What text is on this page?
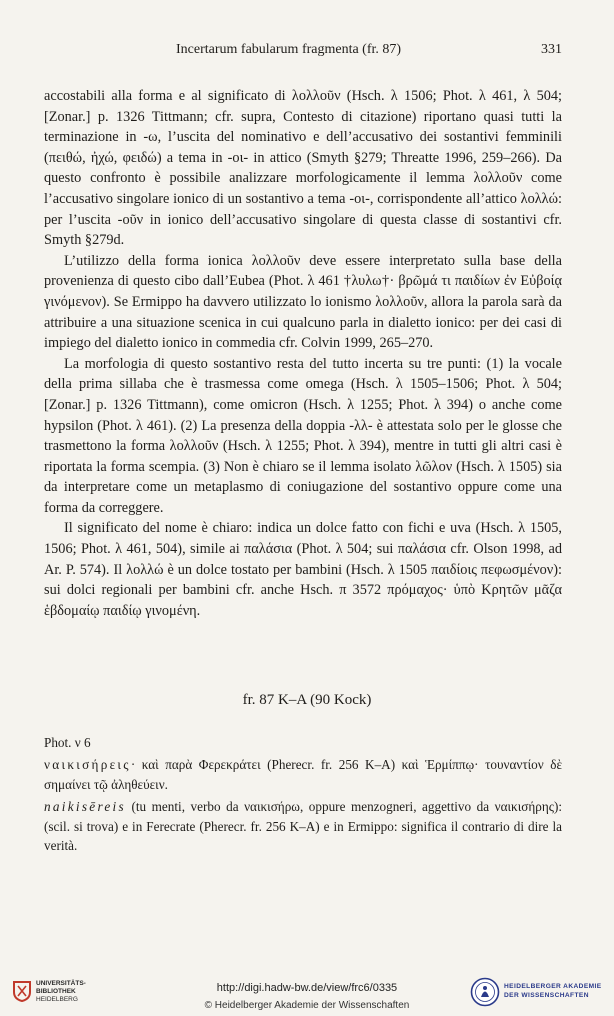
Incertarum fabularum fragmenta (fr. 87)	331

accostabili alla forma e al significato di λολλοῦν (Hsch. λ 1506; Phot. λ 461, λ 504; [Zonar.] p. 1326 Tittmann; cfr. supra, Contesto di citazione) riportano quasi tutti la terminazione in -ω, l’uscita del nominativo e dell’accusativo dei sostantivi femminili (πειθώ, ἠχώ, φειδώ) a tema in -οι- in attico (Smyth §279; Threatte 1996, 259–266). Da questo confronto è possibile analizzare morfologicamente il lemma λολλοῦν come l’accusativo singolare ionico di un sostantivo a tema -οι-, corrispondente all’attico λολλώ: per l’uscita -οῦν in ionico dell’accusativo singolare di questa classe di sostantivi cfr. Smyth §279d.

L’utilizzo della forma ionica λολλοῦν deve essere interpretato sulla base della provenienza di questo cibo dall’Eubea (Phot. λ 461 †λυλω†· βρῶμά τι παιδίων ἐν Εὐβοίᾳ γινόμενον). Se Ermippo ha davvero utilizzato lo ionismo λολλοῦν, allora la parola sarà da attribuire a una situazione scenica in cui qualcuno parla in dialetto ionico: per dei casi di impiego del dialetto ionico in commedia cfr. Colvin 1999, 265–270.

La morfologia di questo sostantivo resta del tutto incerta su tre punti: (1) la vocale della prima sillaba che è trasmessa come omega (Hsch. λ 1505–1506; Phot. λ 504; [Zonar.] p. 1326 Tittmann), come omicron (Hsch. λ 1255; Phot. λ 394) o anche come hypsilon (Phot. λ 461). (2) La presenza della doppia -λλ- è attestata solo per le glosse che trasmettono la forma λολλοῦν (Hsch. λ 1255; Phot. λ 394), mentre in tutti gli altri casi è riportata la forma scempia. (3) Non è chiaro se il lemma isolato λῶλον (Hsch. λ 1505) sia da interpretare come un metaplasmo di coniugazione del sostantivo oppure come una forma da correggere.

Il significato del nome è chiaro: indica un dolce fatto con fichi e uva (Hsch. λ 1505, 1506; Phot. λ 461, 504), simile ai παλάσια (Phot. λ 504; sui παλάσια cfr. Olson 1998, ad Ar. P. 574). Il λολλώ è un dolce tostato per bambini (Hsch. λ 1505 παιδίοις πεφωσμένον): sui dolci regionali per bambini cfr. anche Hsch. π 3572 πρόμαχος· ὑπὸ Κρητῶν μᾶζα ἑβδομαίῳ παιδίῳ γινομένη.

fr. 87 K–A (90 Kock)
Phot. ν 6
ναικισήρεις· καὶ παρὰ Φερεκράτει (Pherecr. fr. 256 K–A) καὶ Ἑρμίππῳ· τουναντίον δὲ σημαίνει τῷ ἀληθεύειν.
naikisēreis (tu menti, verbo da ναικισήρω, oppure menzogneri, aggettivo da ναικισήρης): (scil. si trova) e in Ferecrate (Pherecr. fr. 256 K–A) e in Ermippo: significa il contrario di dire la verità.
UNIVERSITÄTS-
BIBLIOTHEK
HEIDELBERG
http://digi.hadw-bw.de/view/frc6/0335
© Heidelberger Akademie der Wissenschaften
HEIDELBERGER AKADEMIE
DER WISSENSCHAFTEN
